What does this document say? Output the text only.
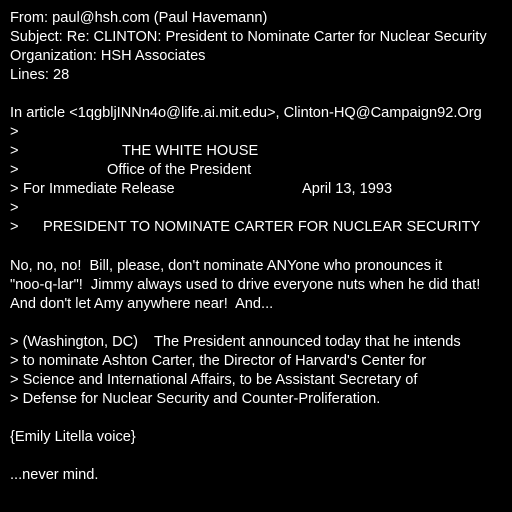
From: paul@hsh.com (Paul Havemann)
Subject: Re: CLINTON: President to Nominate Carter for Nuclear Security
Organization: HSH Associates
Lines: 28
In article <1qgbljINNn4o@life.ai.mit.edu>, Clinton-HQ@Campaign92.Org
>

>

	THE WHITE HOUSE

>

	Office of the President

>

For Immediate Release

	April 13, 1993

>

>

PRESIDENT TO NOMINATE CARTER FOR NUCLEAR SECURITY

No, no, no!  Bill, please, don't nominate ANYone who pronounces it
"noo-q-lar"!  Jimmy always used to drive everyone nuts when he did that!
And don't let Amy anywhere near!  And...
> (Washington, DC)    The President announced today that he intends
> to nominate Ashton Carter, the Director of Harvard's Center for
> Science and International Affairs, to be Assistant Secretary of
> Defense for Nuclear Security and Counter-Proliferation.
{Emily Litella voice}
...never mind.
